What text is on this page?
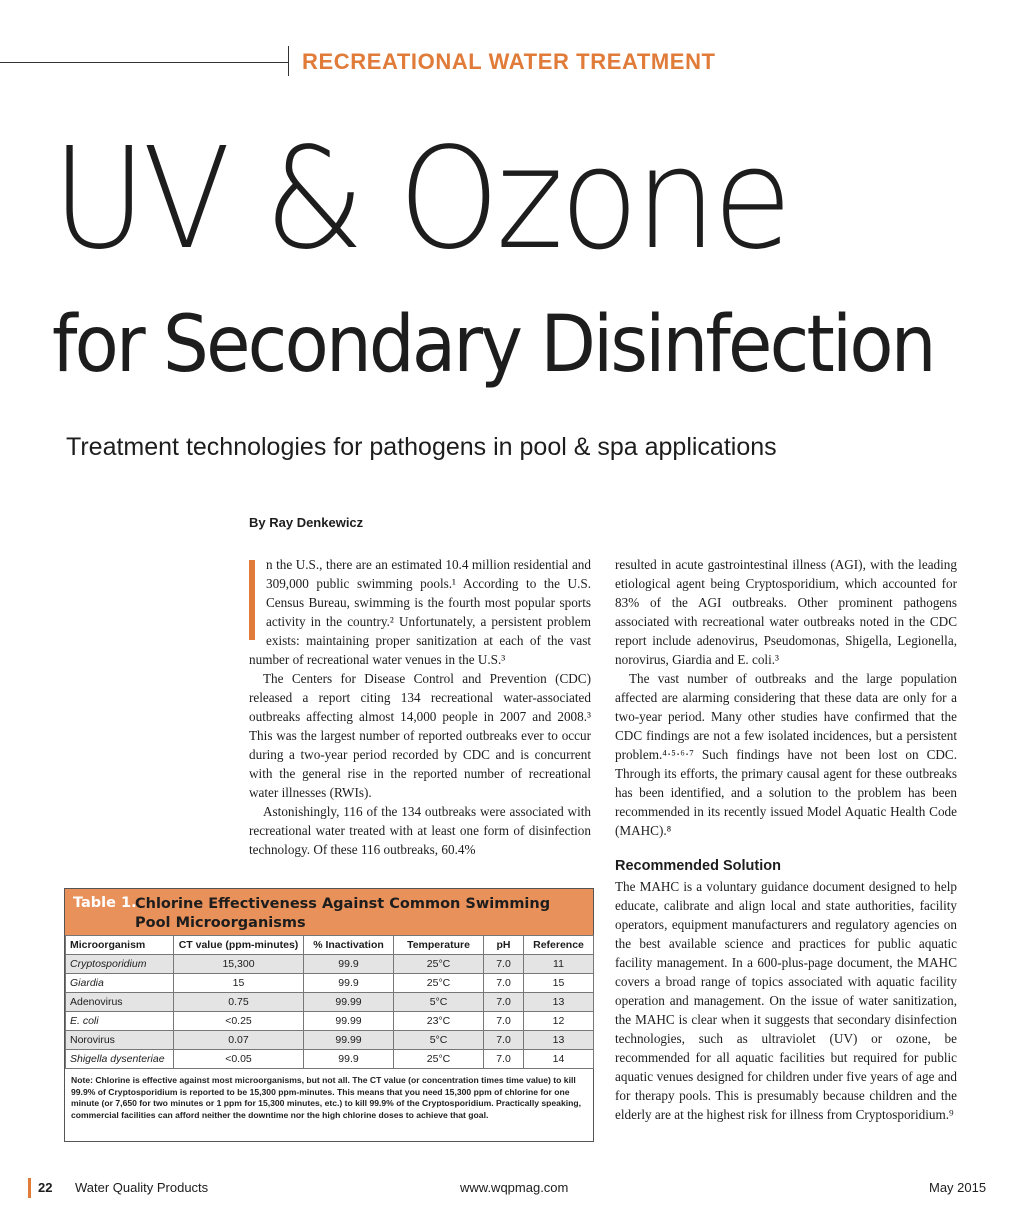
RECREATIONAL WATER TREATMENT
UV & Ozone
for Secondary Disinfection
Treatment technologies for pathogens in pool & spa applications
By Ray Denkewicz

n the U.S., there are an estimated 10.4 million residential and 309,000 public swimming pools.¹ According to the U.S. Census Bureau, swimming is the fourth most popular sports activity in the country.² Unfortunately, a persistent problem exists: maintaining proper sanitization at each of the vast number of recreational water venues in the U.S.³

The Centers for Disease Control and Prevention (CDC) released a report citing 134 recreational water-associated outbreaks affecting almost 14,000 people in 2007 and 2008.³ This was the largest number of reported outbreaks ever to occur during a two-year period recorded by CDC and is concurrent with the general rise in the reported number of recreational water illnesses (RWIs).

Astonishingly, 116 of the 134 outbreaks were associated with recreational water treated with at least one form of disinfection technology. Of these 116 outbreaks, 60.4%

resulted in acute gastrointestinal illness (AGI), with the leading etiological agent being Cryptosporidium, which accounted for 83% of the AGI outbreaks. Other prominent pathogens associated with recreational water outbreaks noted in the CDC report include adenovirus, Pseudomonas, Shigella, Legionella, norovirus, Giardia and E. coli.³

The vast number of outbreaks and the large population affected are alarming considering that these data are only for a two-year period. Many other studies have confirmed that the CDC findings are not a few isolated incidences, but a persistent problem.⁴·⁵·⁶·⁷ Such findings have not been lost on CDC. Through its efforts, the primary causal agent for these outbreaks has been identified, and a solution to the problem has been recommended in its recently issued Model Aquatic Health Code (MAHC).⁸

Recommended Solution

The MAHC is a voluntary guidance document designed to help educate, calibrate and align local and state authorities, facility operators, equipment manufacturers and regulatory agencies on the best available science and practices for public aquatic facility management. In a 600-plus-page document, the MAHC covers a broad range of topics associated with aquatic facility operation and management. On the issue of water sanitization, the MAHC is clear when it suggests that secondary disinfection technologies, such as ultraviolet (UV) or ozone, be recommended for all aquatic facilities but required for public aquatic venues designed for children under five years of age and for therapy pools. This is presumably because children and the elderly are at the highest risk for illness from Cryptosporidium.⁹

Table 1.
Chlorine Effectiveness Against Common Swimming Pool Microorganisms
Microorganism	CT value (ppm-minutes)	% Inactivation	Temperature	pH	Reference
Cryptosporidium	15,300	99.9	25°C	7.0	11
Giardia	15	99.9	25°C	7.0	15
Adenovirus	0.75	99.99	5°C	7.0	13
E. coli	<0.25	99.99	23°C	7.0	12
Norovirus	0.07	99.99	5°C	7.0	13
Shigella dysenteriae	<0.05	99.9	25°C	7.0	14
Note: Chlorine is effective against most microorganisms, but not all. The CT value (or concentration times time value) to kill 99.9% of Cryptosporidium is reported to be 15,300 ppm-minutes. This means that you need 15,300 ppm of chlorine for one minute (or 7,650 for two minutes or 1 ppm for 15,300 minutes, etc.) to kill 99.9% of the Cryptosporidium. Practically speaking, commercial facilities can afford neither the downtime nor the high chlorine doses to achieve that goal.
22 Water Quality Products	www.wqpmag.com	May 2015
